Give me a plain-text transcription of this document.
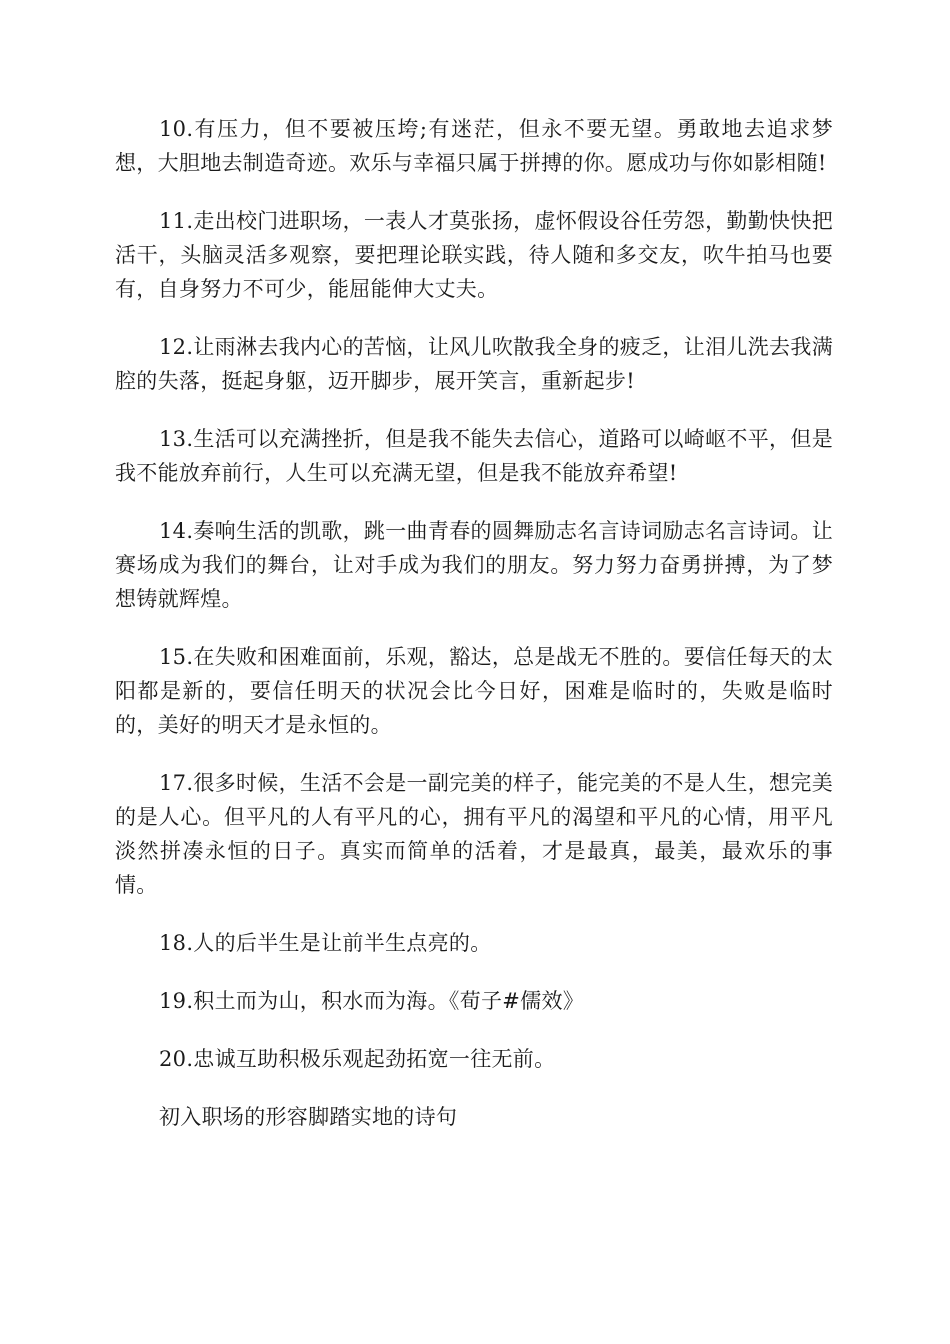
10.有压力，但不要被压垮;有迷茫，但永不要无望。勇敢地去追求梦想，大胆地去制造奇迹。欢乐与幸福只属于拼搏的你。愿成功与你如影相随!

11.走出校门进职场，一表人才莫张扬，虚怀假设谷任劳怨，勤勤快快把活干，头脑灵活多观察，要把理论联实践，待人随和多交友，吹牛拍马也要有，自身努力不可少，能屈能伸大丈夫。

12.让雨淋去我内心的苦恼，让风儿吹散我全身的疲乏，让泪儿洗去我满腔的失落，挺起身躯，迈开脚步，展开笑言，重新起步!

13.生活可以充满挫折，但是我不能失去信心，道路可以崎岖不平，但是我不能放弃前行，人生可以充满无望，但是我不能放弃希望!

14.奏响生活的凯歌，跳一曲青春的圆舞励志名言诗词励志名言诗词。让赛场成为我们的舞台，让对手成为我们的朋友。努力努力奋勇拼搏，为了梦想铸就辉煌。

15.在失败和困难面前，乐观，豁达，总是战无不胜的。要信任每天的太阳都是新的，要信任明天的状况会比今日好，困难是临时的，失败是临时的，美好的明天才是永恒的。

17.很多时候，生活不会是一副完美的样子，能完美的不是人生，想完美的是人心。但平凡的人有平凡的心，拥有平凡的渴望和平凡的心情，用平凡淡然拼凑永恒的日子。真实而简单的活着，才是最真，最美，最欢乐的事情。

18.人的后半生是让前半生点亮的。

19.积土而为山，积水而为海。《荀子#儒效》

20.忠诚互助积极乐观起劲拓宽一往无前。

初入职场的形容脚踏实地的诗句
